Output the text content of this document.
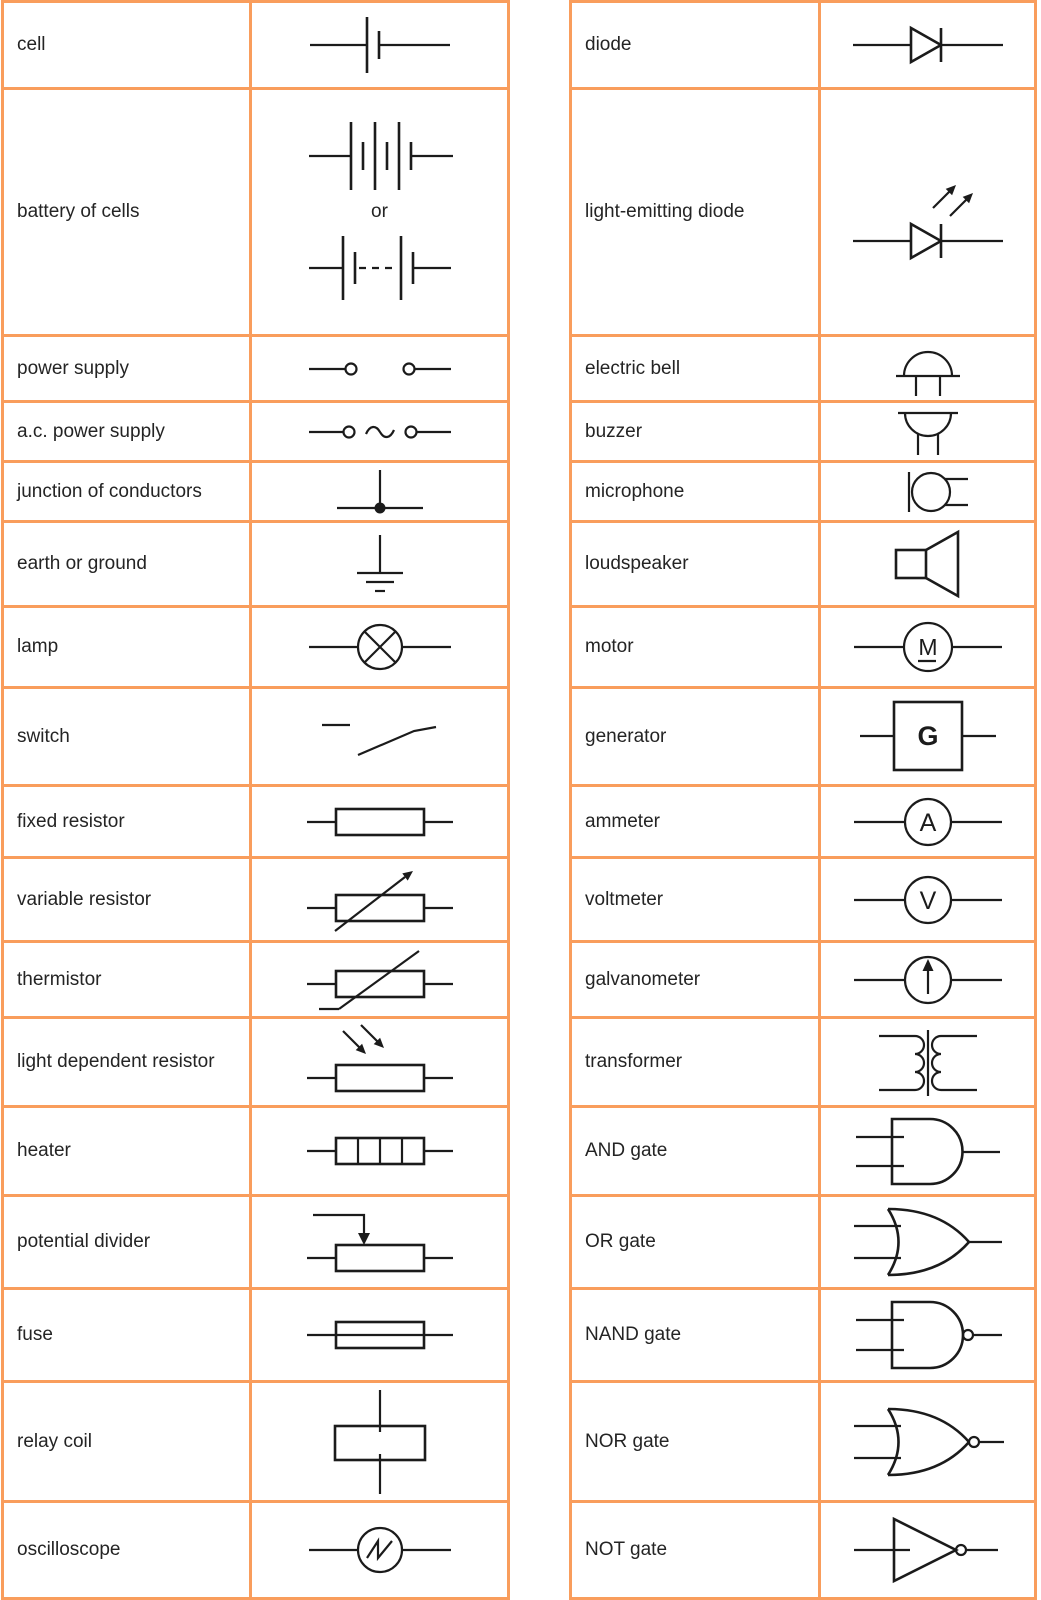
cell
battery of cells	or
power supply
a.c. power supply
junction of conductors
earth or ground
lamp
switch
fixed resistor
variable resistor
thermistor
light dependent resistor
heater
potential divider
fuse
relay coil
oscilloscope
diode
light-emitting diode
electric bell
buzzer
microphone
loudspeaker
motor	M
generator	G
ammeter	A
voltmeter	V
galvanometer
transformer
AND gate
OR gate
NAND gate
NOR gate
NOT gate
